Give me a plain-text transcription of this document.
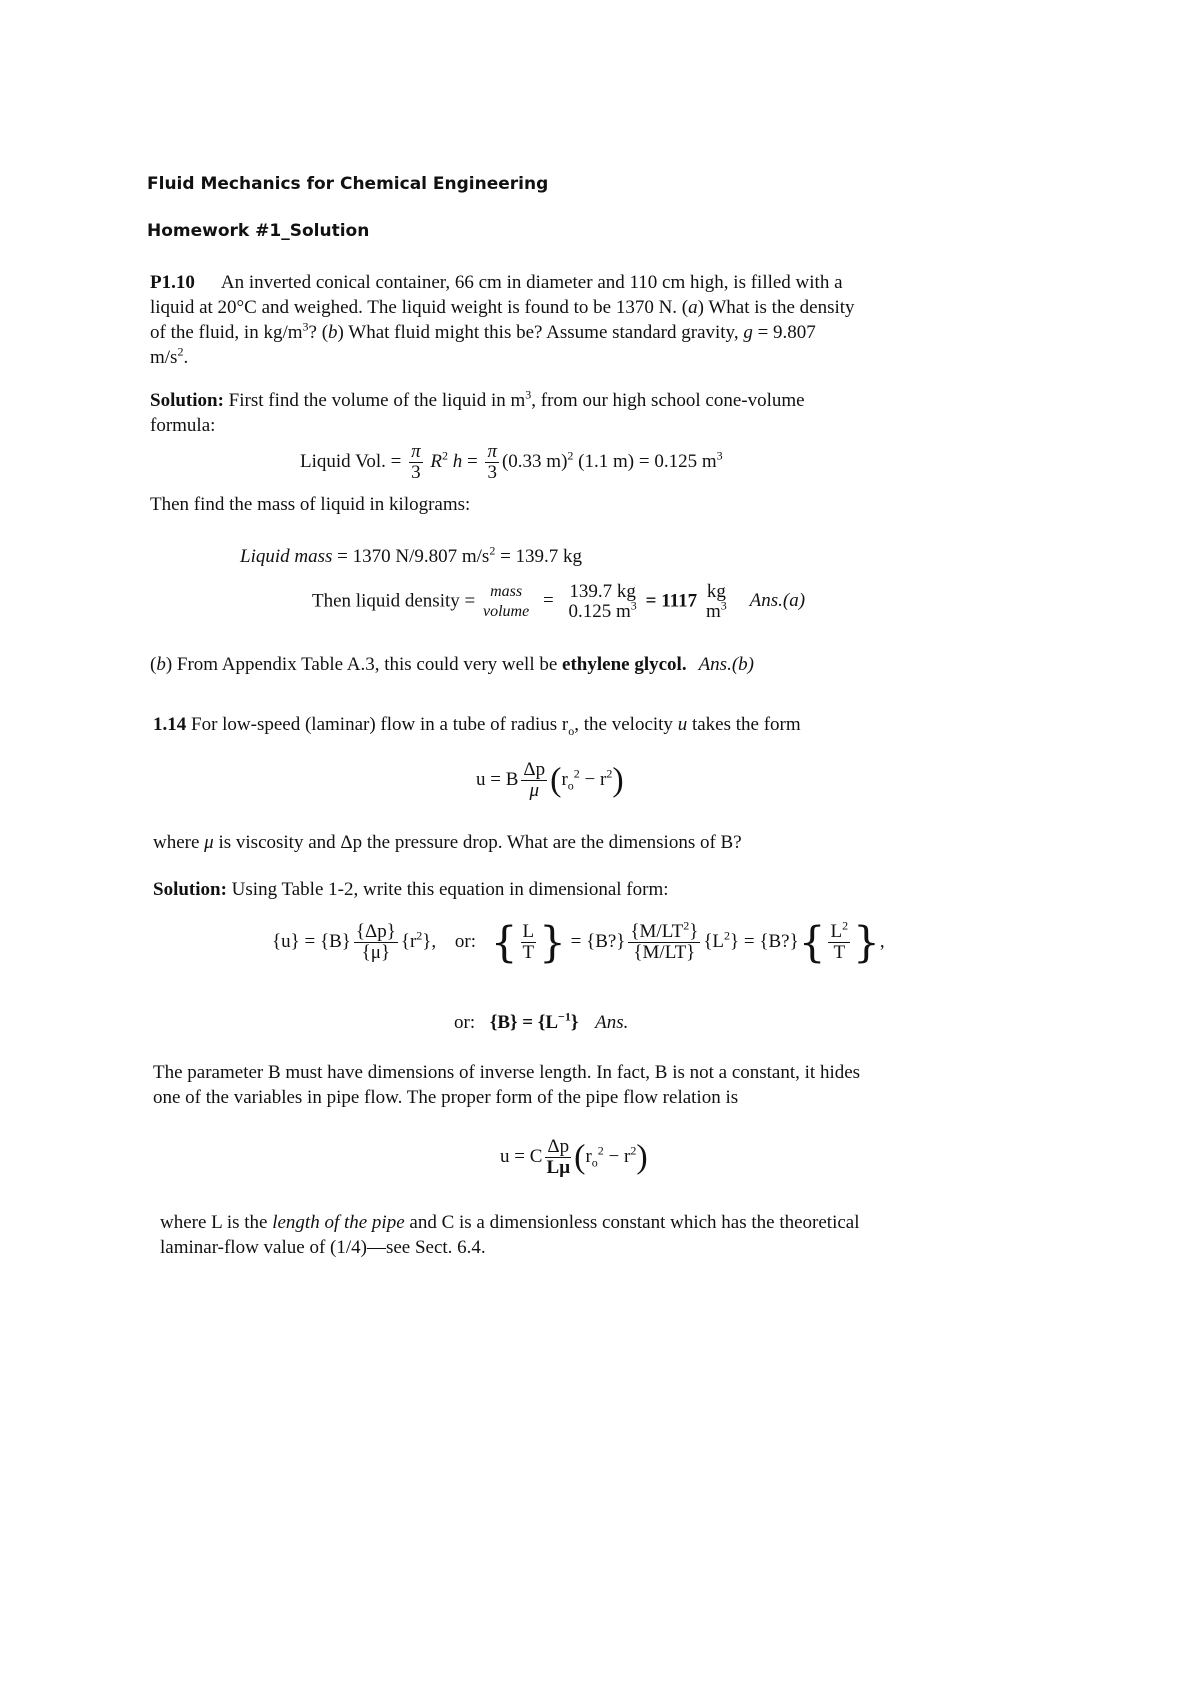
Fluid Mechanics for Chemical Engineering
Homework #1_Solution
P1.10 An inverted conical container, 66 cm in diameter and 110 cm high, is filled with a
liquid at 20°C and weighed. The liquid weight is found to be 1370 N. (a) What is the density
of the fluid, in $kg/m^3$? (b) What fluid might this be? Assume standard gravity, g = 9.807
$m/s^2$.
Solution: First find the volume of the liquid in $m^3$, from our high school cone-volume
formula:
Liquid Vol. = $\frac{\pi}{3} R^2$ $h = \frac{\pi}{3} (0.33$ m)$^2$ (1.1 m) = 0.125 $m^3$
Then find the mass of liquid in kilograms:
Liquid mass = 1370 N/9.807 $m/s^2 = 139.7$ kg
Then liquid density = mass
volume
= 139.7 kg
0.125 $m^3 = 1117$ kg
$m^3$ Ans.(a)
(b) From Appendix Table A.3, this could very well be ethylene glycol. Ans.(b)
1.14 For low-speed (laminar) flow in a tube of radius $r_o$, the velocity u takes the form
u = B $\frac{\Delta p}{\mu} (r_o^2 - r^2)$
where μ is viscosity and Δp the pressure drop. What are the dimensions of B?
Solution: Using Table 1-2, write this equation in dimensional form:
$\{u\} = \{B\} \frac{\{\Delta p\}}{\{\mu\}} \{r^2\}$, or: { $\frac{L}{T}$ } = {B?} $\frac{\{M/LT^2\}}{\{M/LT\}} \{L^2\}$ = {B?}{ $\frac{L^2}{T}$ },
or: $\{B\} = \{L^{-1}\}$ Ans.
The parameter B must have dimensions of inverse length. In fact, B is not a constant, it hides
one of the variables in pipe flow. The proper form of the pipe flow relation is
u = C $\frac{\Delta p}{L\mu} (r_o^2 - r^2)$
where L is the length of the pipe and C is a dimensionless constant which has the theoretical
laminar-flow value of (1/4)—see Sect. 6.4.
